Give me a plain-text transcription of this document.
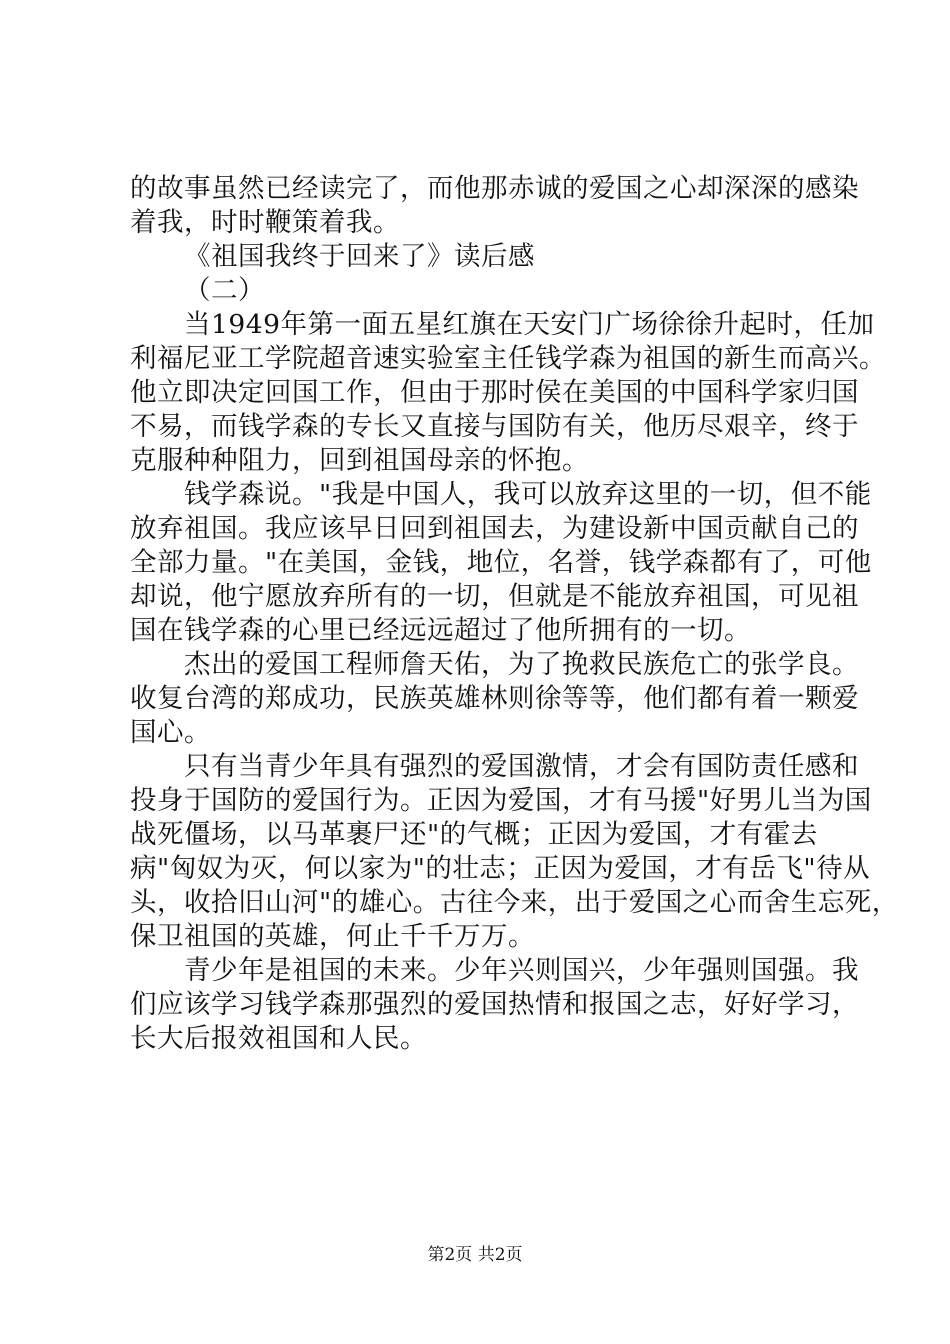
的故事虽然已经读完了，而他那赤诚的爱国之心却深深的感染
着我，时时鞭策着我。

《祖国我终于回来了》读后感

（二）

当1949年第一面五星红旗在天安门广场徐徐升起时，任加
利福尼亚工学院超音速实验室主任钱学森为祖国的新生而高兴。
他立即决定回国工作，但由于那时侯在美国的中国科学家归国
不易，而钱学森的专长又直接与国防有关，他历尽艰辛，终于
克服种种阻力，回到祖国母亲的怀抱。

钱学森说。"我是中国人，我可以放弃这里的一切，但不能
放弃祖国。我应该早日回到祖国去，为建设新中国贡献自己的
全部力量。"在美国，金钱，地位，名誉，钱学森都有了，可他
却说，他宁愿放弃所有的一切，但就是不能放弃祖国，可见祖
国在钱学森的心里已经远远超过了他所拥有的一切。

杰出的爱国工程师詹天佑，为了挽救民族危亡的张学良。
收复台湾的郑成功，民族英雄林则徐等等，他们都有着一颗爱
国心。

只有当青少年具有强烈的爱国激情，才会有国防责任感和
投身于国防的爱国行为。正因为爱国，才有马援"好男儿当为国
战死僵场，以马革裹尸还"的气概；正因为爱国，才有霍去
病"匈奴为灭，何以家为"的壮志；正因为爱国，才有岳飞"待从
头，收拾旧山河"的雄心。古往今来，出于爱国之心而舍生忘死，
保卫祖国的英雄，何止千千万万。

青少年是祖国的未来。少年兴则国兴，少年强则国强。我
们应该学习钱学森那强烈的爱国热情和报国之志，好好学习，
长大后报效祖国和人民。

第2页 共2页
